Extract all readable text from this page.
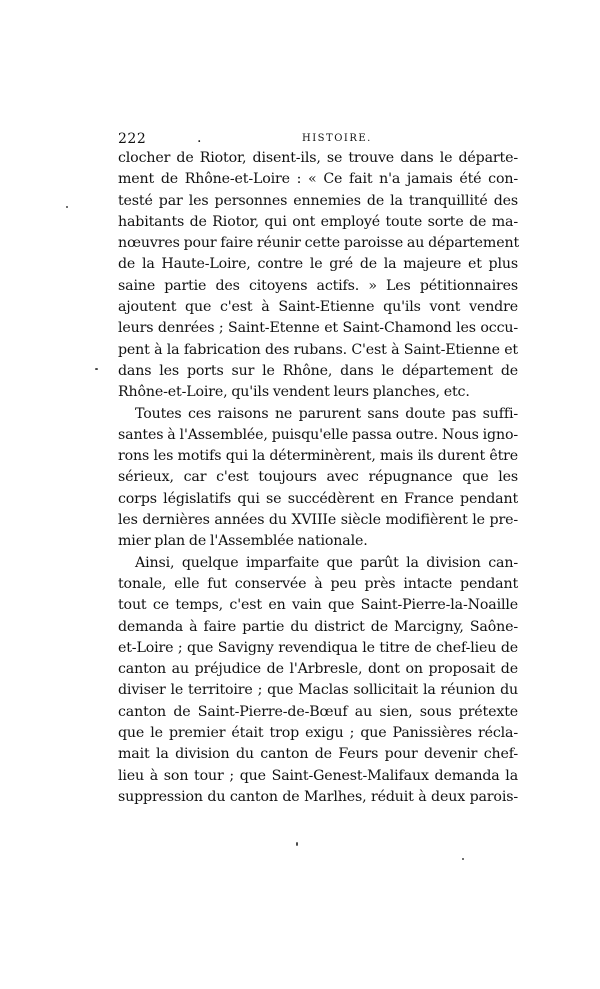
222	.	HISTOIRE.
clocher de Riotor, disent-ils, se trouve dans le départe-
ment de Rhône-et-Loire : « Ce fait n'a jamais été con-
testé par les personnes ennemies de la tranquillité des
habitants de Riotor, qui ont employé toute sorte de ma-
nœuvres pour faire réunir cette paroisse au département
de la Haute-Loire, contre le gré de la majeure et plus
saine partie des citoyens actifs. » Les pétitionnaires
ajoutent que c'est à Saint-Etienne qu'ils vont vendre
leurs denrées ; Saint-Etenne et Saint-Chamond les occu-
pent à la fabrication des rubans. C'est à Saint-Etienne et
dans les ports sur le Rhône, dans le département de
Rhône-et-Loire, qu'ils vendent leurs planches, etc.
Toutes ces raisons ne parurent sans doute pas suffi-
santes à l'Assemblée, puisqu'elle passa outre. Nous igno-
rons les motifs qui la déterminèrent, mais ils durent être
sérieux, car c'est toujours avec répugnance que les
corps législatifs qui se succédèrent en France pendant
les dernières années du XVIIIe siècle modifièrent le pre-
mier plan de l'Assemblée nationale.
Ainsi, quelque imparfaite que parût la division can-
tonale, elle fut conservée à peu près intacte pendant
tout ce temps, c'est en vain que Saint-Pierre-la-Noaille
demanda à faire partie du district de Marcigny, Saône-
et-Loire ; que Savigny revendiqua le titre de chef-lieu de
canton au préjudice de l'Arbresle, dont on proposait de
diviser le territoire ; que Maclas sollicitait la réunion du
canton de Saint-Pierre-de-Bœuf au sien, sous prétexte
que le premier était trop exigu ; que Panissières récla-
mait la division du canton de Feurs pour devenir chef-
lieu à son tour ; que Saint-Genest-Malifaux demanda la
suppression du canton de Marlhes, réduit à deux parois-
